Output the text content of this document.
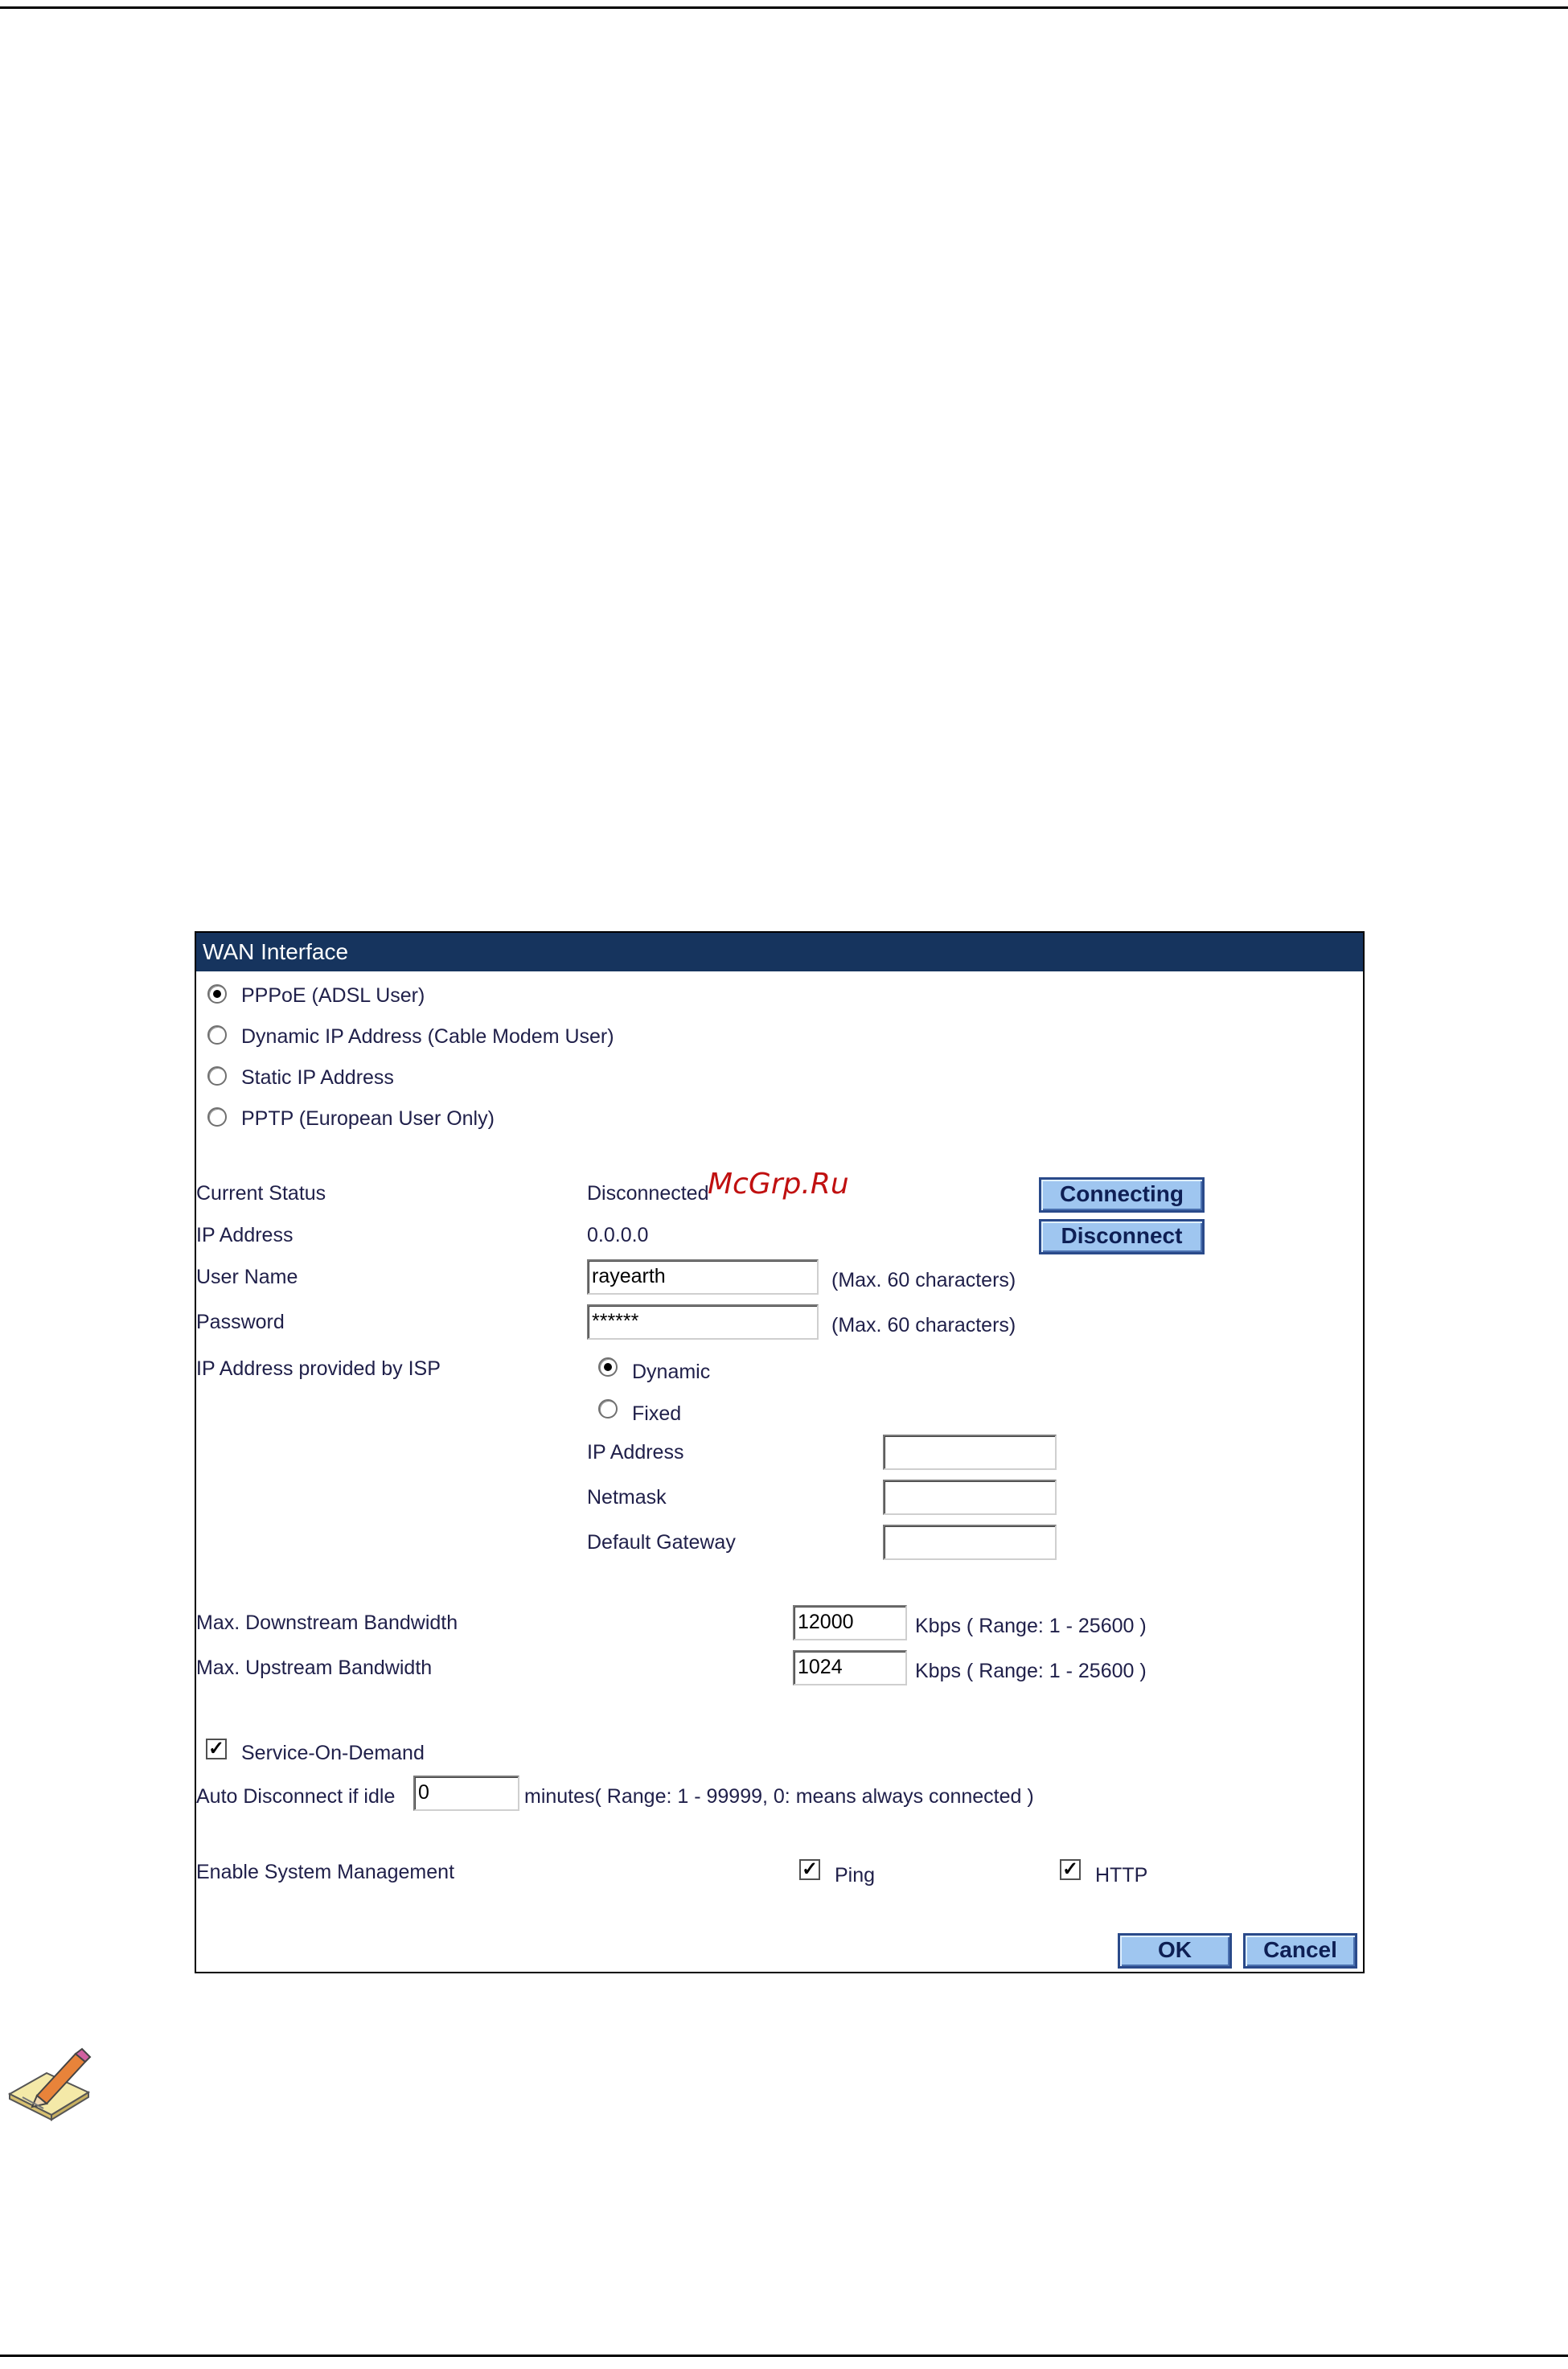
WAN Interface
PPPoE (ADSL User)
Dynamic IP Address (Cable Modem User)
Static IP Address
PPTP (European User Only)
Current Status	Disconnected	Connecting
IP Address	0.0.0.0	Disconnect
User Name	rayearth	(Max. 60 characters)
Password	******	(Max. 60 characters)
IP Address provided by ISP	Dynamic
Fixed
IP Address
Netmask
Default Gateway
Max. Downstream Bandwidth	12000	Kbps ( Range: 1 - 25600 )
Max. Upstream Bandwidth	1024	Kbps ( Range: 1 - 25600 )
✓ Service-On-Demand
Auto Disconnect if idle 0	minutes( Range: 1 - 99999, 0: means always connected )
Enable System Management	✓ Ping	✓ HTTP
OK	Cancel
McGrp.Ru
